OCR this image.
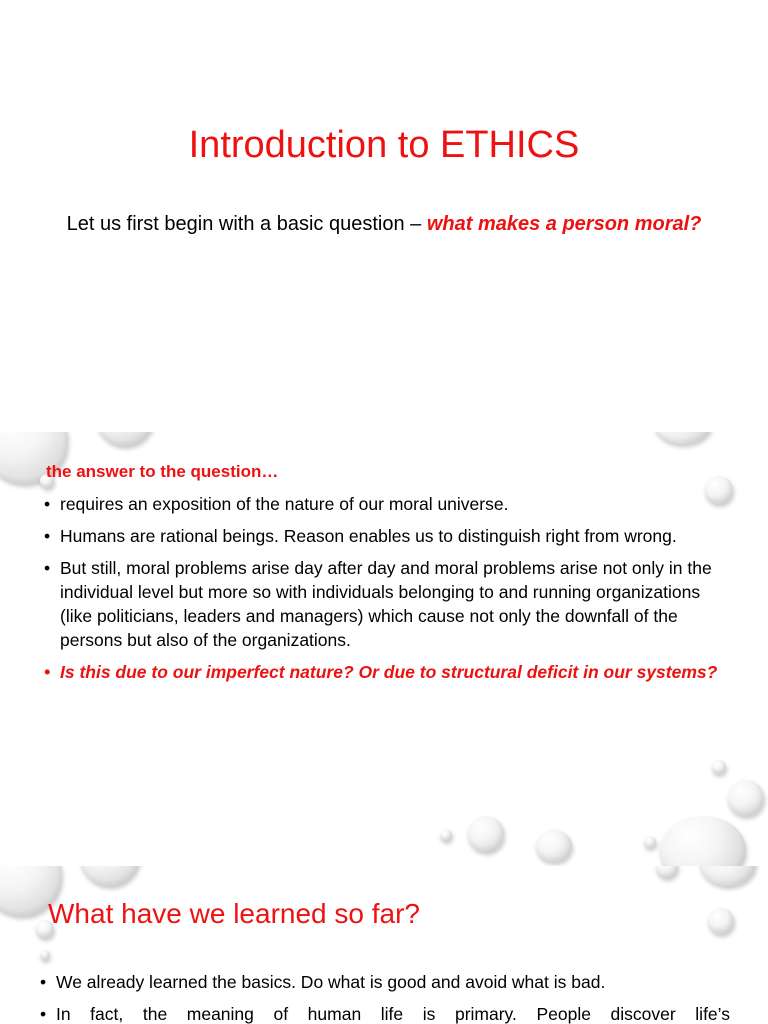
Introduction to ETHICS
Let us first begin with a basic question – what makes a person moral?
the answer to the question…
• requires an exposition of the nature of our moral universe.
• Humans are rational beings. Reason enables us to distinguish right from wrong.
• But still, moral problems arise day after day and moral problems arise not only in the individual level but more so with individuals belonging to and running organizations (like politicians, leaders and managers) which cause not only the downfall of the persons but also of the organizations.
• Is this due to our imperfect nature? Or due to structural deficit in our systems?
What have we learned so far?
• We already learned the basics. Do what is good and avoid what is bad.
• In fact, the meaning of human life is primary. People discover life’s
